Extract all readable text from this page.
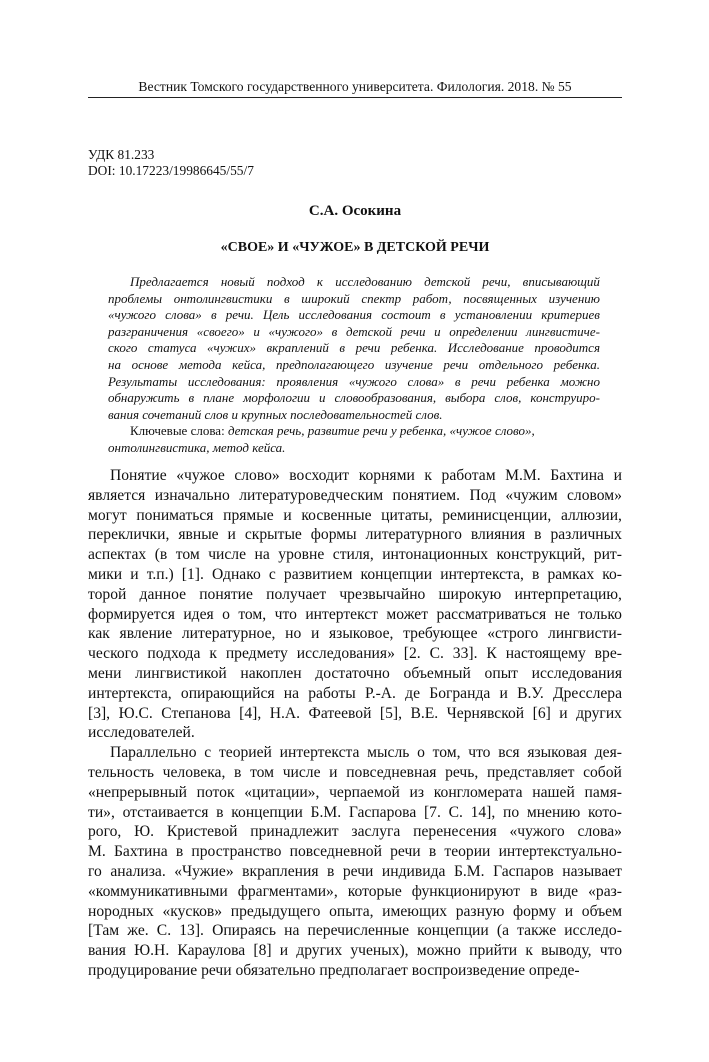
Вестник Томского государственного университета. Филология. 2018. № 55
УДК 81.233
DOI: 10.17223/19986645/55/7
С.А. Осокина
«СВОЕ» И «ЧУЖОЕ» В ДЕТСКОЙ РЕЧИ
Предлагается новый подход к исследованию детской речи, вписывающий
проблемы онтолингвистики в широкий спектр работ, посвященных изучению
«чужого слова» в речи. Цель исследования состоит в установлении критериев
разграничения «своего» и «чужого» в детской речи и определении лингвистиче-
ского статуса «чужих» вкраплений в речи ребенка. Исследование проводится
на основе метода кейса, предполагающего изучение речи отдельного ребенка.
Результаты исследования: проявления «чужого слова» в речи ребенка можно
обнаружить в плане морфологии и словообразования, выбора слов, конструиро-
вания сочетаний слов и крупных последовательностей слов.
Ключевые слова: детская речь, развитие речи у ребенка, «чужое слово»,
онтолингвистика, метод кейса.
Понятие «чужое слово» восходит корнями к работам М.М. Бахтина и
является изначально литературоведческим понятием. Под «чужим словом»
могут пониматься прямые и косвенные цитаты, реминисценции, аллюзии,
переклички, явные и скрытые формы литературного влияния в различных
аспектах (в том числе на уровне стиля, интонационных конструкций, рит-
мики и т.п.) [1]. Однако с развитием концепции интертекста, в рамках ко-
торой данное понятие получает чрезвычайно широкую интерпретацию,
формируется идея о том, что интертекст может рассматриваться не только
как явление литературное, но и языковое, требующее «строго лингвисти-
ческого подхода к предмету исследования» [2. С. 33]. К настоящему вре-
мени лингвистикой накоплен достаточно объемный опыт исследования
интертекста, опирающийся на работы Р.-А. де Богранда и В.У. Дресслера
[3], Ю.С. Степанова [4], Н.А. Фатеевой [5], В.Е. Чернявской [6] и других
исследователей.
Параллельно с теорией интертекста мысль о том, что вся языковая дея-
тельность человека, в том числе и повседневная речь, представляет собой
«непрерывный поток «цитации», черпаемой из конгломерата нашей памя-
ти», отстаивается в концепции Б.М. Гаспарова [7. С. 14], по мнению кото-
рого, Ю. Кристевой принадлежит заслуга перенесения «чужого слова»
М. Бахтина в пространство повседневной речи в теории интертекстуально-
го анализа. «Чужие» вкрапления в речи индивида Б.М. Гаспаров называет
«коммуникативными фрагментами», которые функционируют в виде «раз-
нородных «кусков» предыдущего опыта, имеющих разную форму и объем
[Там же. С. 13]. Опираясь на перечисленные концепции (а также исследо-
вания Ю.Н. Караулова [8] и других ученых), можно прийти к выводу, что
продуцирование речи обязательно предполагает воспроизведение опреде-
